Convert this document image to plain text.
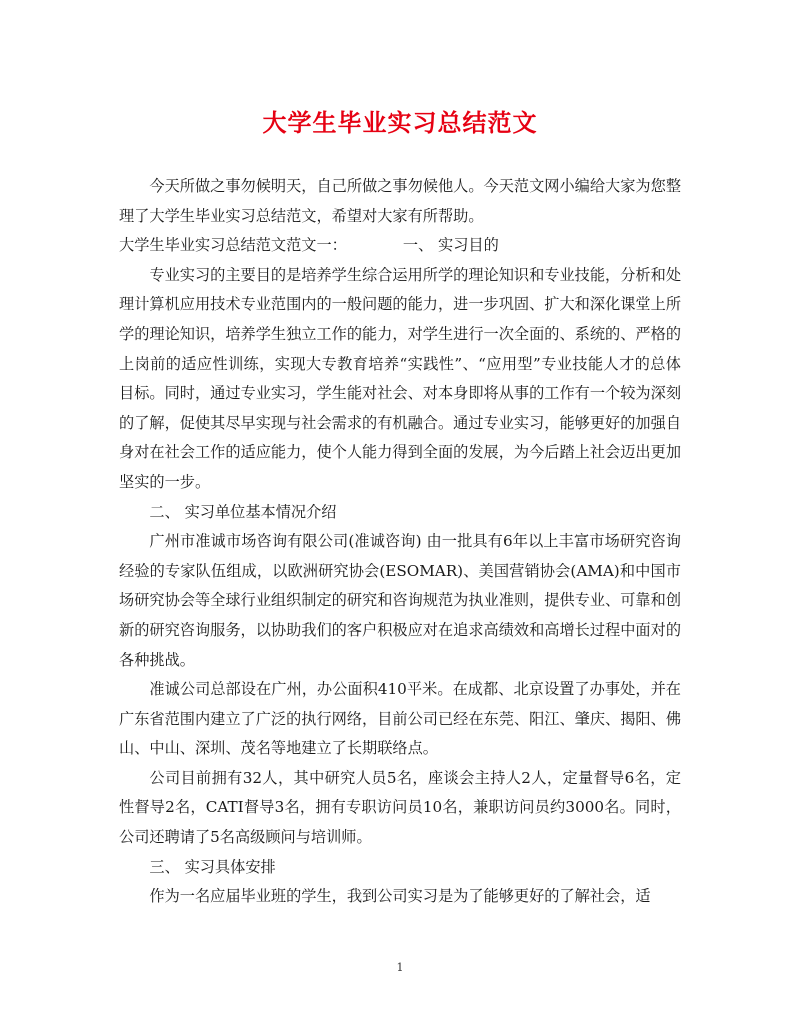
大学生毕业实习总结范文

今天所做之事勿候明天，自己所做之事勿候他人。今天范文网小编给大家为您整理了大学生毕业实习总结范文，希望对大家有所帮助。

大学生毕业实习总结范文范文一：	一、 实习目的

专业实习的主要目的是培养学生综合运用所学的理论知识和专业技能，分析和处理计算机应用技术专业范围内的一般问题的能力，进一步巩固、扩大和深化课堂上所学的理论知识，培养学生独立工作的能力，对学生进行一次全面的、系统的、严格的上岗前的适应性训练，实现大专教育培养“实践性”、“应用型”专业技能人才的总体目标。同时，通过专业实习，学生能对社会、对本身即将从事的工作有一个较为深刻的了解，促使其尽早实现与社会需求的有机融合。通过专业实习，能够更好的加强自身对在社会工作的适应能力，使个人能力得到全面的发展，为今后踏上社会迈出更加坚实的一步。

二、 实习单位基本情况介绍

广州市准诚市场咨询有限公司(准诚咨询) 由一批具有6年以上丰富市场研究咨询经验的专家队伍组成，以欧洲研究协会(ESOMAR)、美国营销协会(AMA)和中国市场研究协会等全球行业组织制定的研究和咨询规范为执业准则，提供专业、可靠和创新的研究咨询服务，以协助我们的客户积极应对在追求高绩效和高增长过程中面对的各种挑战。

准诚公司总部设在广州，办公面积410平米。在成都、北京设置了办事处，并在广东省范围内建立了广泛的执行网络，目前公司已经在东莞、阳江、肇庆、揭阳、佛山、中山、深圳、茂名等地建立了长期联络点。

公司目前拥有32人，其中研究人员5名，座谈会主持人2人，定量督导6名，定性督导2名，CATI督导3名，拥有专职访问员10名，兼职访问员约3000名。同时，公司还聘请了5名高级顾问与培训师。

三、 实习具体安排

作为一名应届毕业班的学生，我到公司实习是为了能够更好的了解社会，适

1
